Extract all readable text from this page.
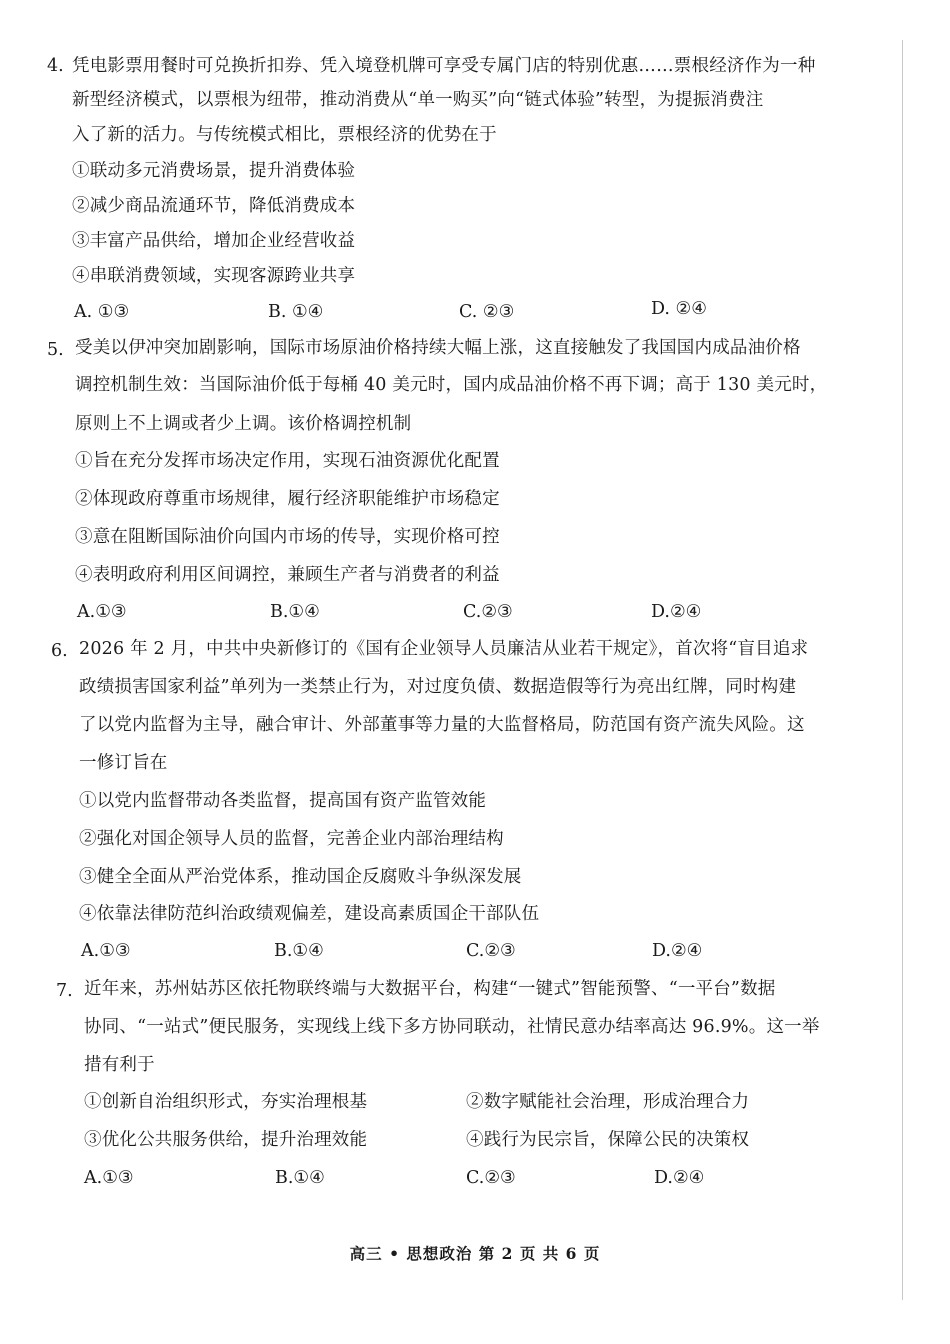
4. 凭电影票用餐时可兑换折扣券、凭入境登机牌可享受专属门店的特别优惠……票根经济作为一种
新型经济模式，以票根为纽带，推动消费从“单一购买”向“链式体验”转型，为提振消费注
入了新的活力。与传统模式相比，票根经济的优势在于
①联动多元消费场景，提升消费体验
②减少商品流通环节，降低消费成本
③丰富产品供给，增加企业经营收益
④串联消费领域，实现客源跨业共享
A. ①③	B. ①④	C. ②③	D. ②④
5. 受美以伊冲突加剧影响，国际市场原油价格持续大幅上涨，这直接触发了我国国内成品油价格
调控机制生效：当国际油价低于每桶 40 美元时，国内成品油价格不再下调；高于 130 美元时，
原则上不上调或者少上调。该价格调控机制
①旨在充分发挥市场决定作用，实现石油资源优化配置
②体现政府尊重市场规律，履行经济职能维护市场稳定
③意在阻断国际油价向国内市场的传导，实现价格可控
④表明政府利用区间调控，兼顾生产者与消费者的利益
A.①③	B.①④	C.②③	D.②④
6. 2026 年 2 月，中共中央新修订的《国有企业领导人员廉洁从业若干规定》，首次将“盲目追求
政绩损害国家利益”单列为一类禁止行为，对过度负债、数据造假等行为亮出红牌，同时构建
了以党内监督为主导，融合审计、外部董事等力量的大监督格局，防范国有资产流失风险。这
一修订旨在
①以党内监督带动各类监督，提高国有资产监管效能
②强化对国企领导人员的监督，完善企业内部治理结构
③健全全面从严治党体系，推动国企反腐败斗争纵深发展
④依靠法律防范纠治政绩观偏差，建设高素质国企干部队伍
A.①③	B.①④	C.②③	D.②④
7. 近年来，苏州姑苏区依托物联终端与大数据平台，构建“一键式”智能预警、“一平台”数据
协同、“一站式”便民服务，实现线上线下多方协同联动，社情民意办结率高达 96.9%。这一举
措有利于
①创新自治组织形式，夯实治理根基	②数字赋能社会治理，形成治理合力
③优化公共服务供给，提升治理效能	④践行为民宗旨，保障公民的决策权
A.①③	B.①④	C.②③	D.②④
高三 • 思想政治 第 2 页 共 6 页
